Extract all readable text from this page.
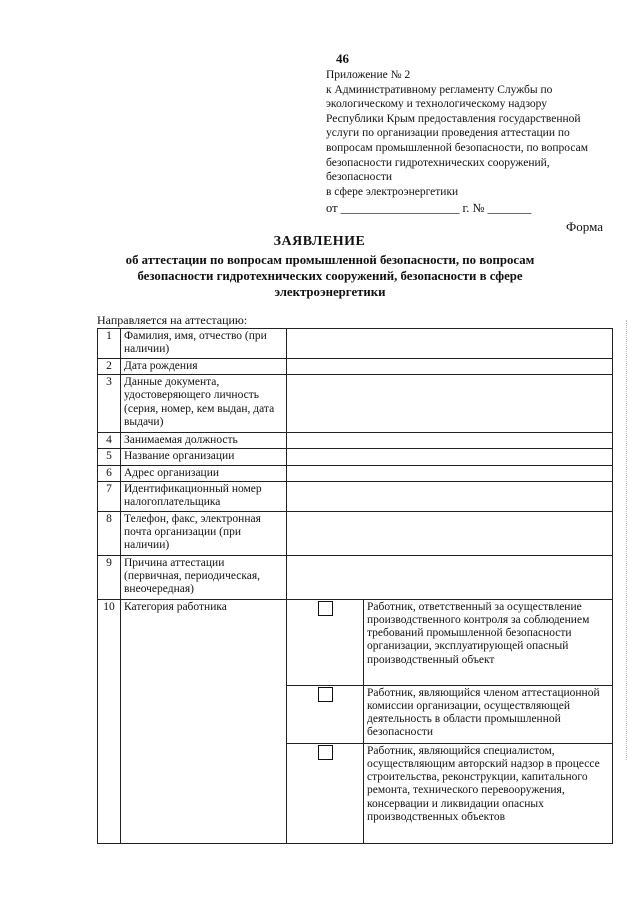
46
Приложение № 2
к Административному регламенту Службы по
экологическому и технологическому надзору
Республики Крым предоставления государственной
услуги по организации проведения аттестации по
вопросам промышленной безопасности, по вопросам
безопасности гидротехнических сооружений,
безопасности
в сфере электроэнергетики
от ___________________ г. № _______
Форма
ЗАЯВЛЕНИЕ
об аттестации по вопросам промышленной безопасности, по вопросам безопасности гидротехнических сооружений, безопасности в сфере электроэнергетики
Направляется на аттестацию:
1	Фамилия, имя, отчество (при наличии)		
2	Дата рождения		
3	Данные документа, удостоверяющего личность (серия, номер, кем выдан, дата выдачи)		
4	Занимаемая должность		
5	Название организации		
6	Адрес организации		
7	Идентификационный номер налогоплательщика		
8	Телефон, факс, электронная почта организации (при наличии)		
9	Причина аттестации (первичная, периодическая, внеочередная)		
10	Категория работника		Работник, ответственный за осуществление производственного контроля за соблюдением требований промышленной безопасности организации, эксплуатирующей опасный производственный объект
			Работник, являющийся членом аттестационной комиссии организации, осуществляющей деятельность в области промышленной безопасности
			Работник, являющийся специалистом, осуществляющим авторский надзор в процессе строительства, реконструкции, капитального ремонта, технического перевооружения, консервации и ликвидации опасных производственных объектов
